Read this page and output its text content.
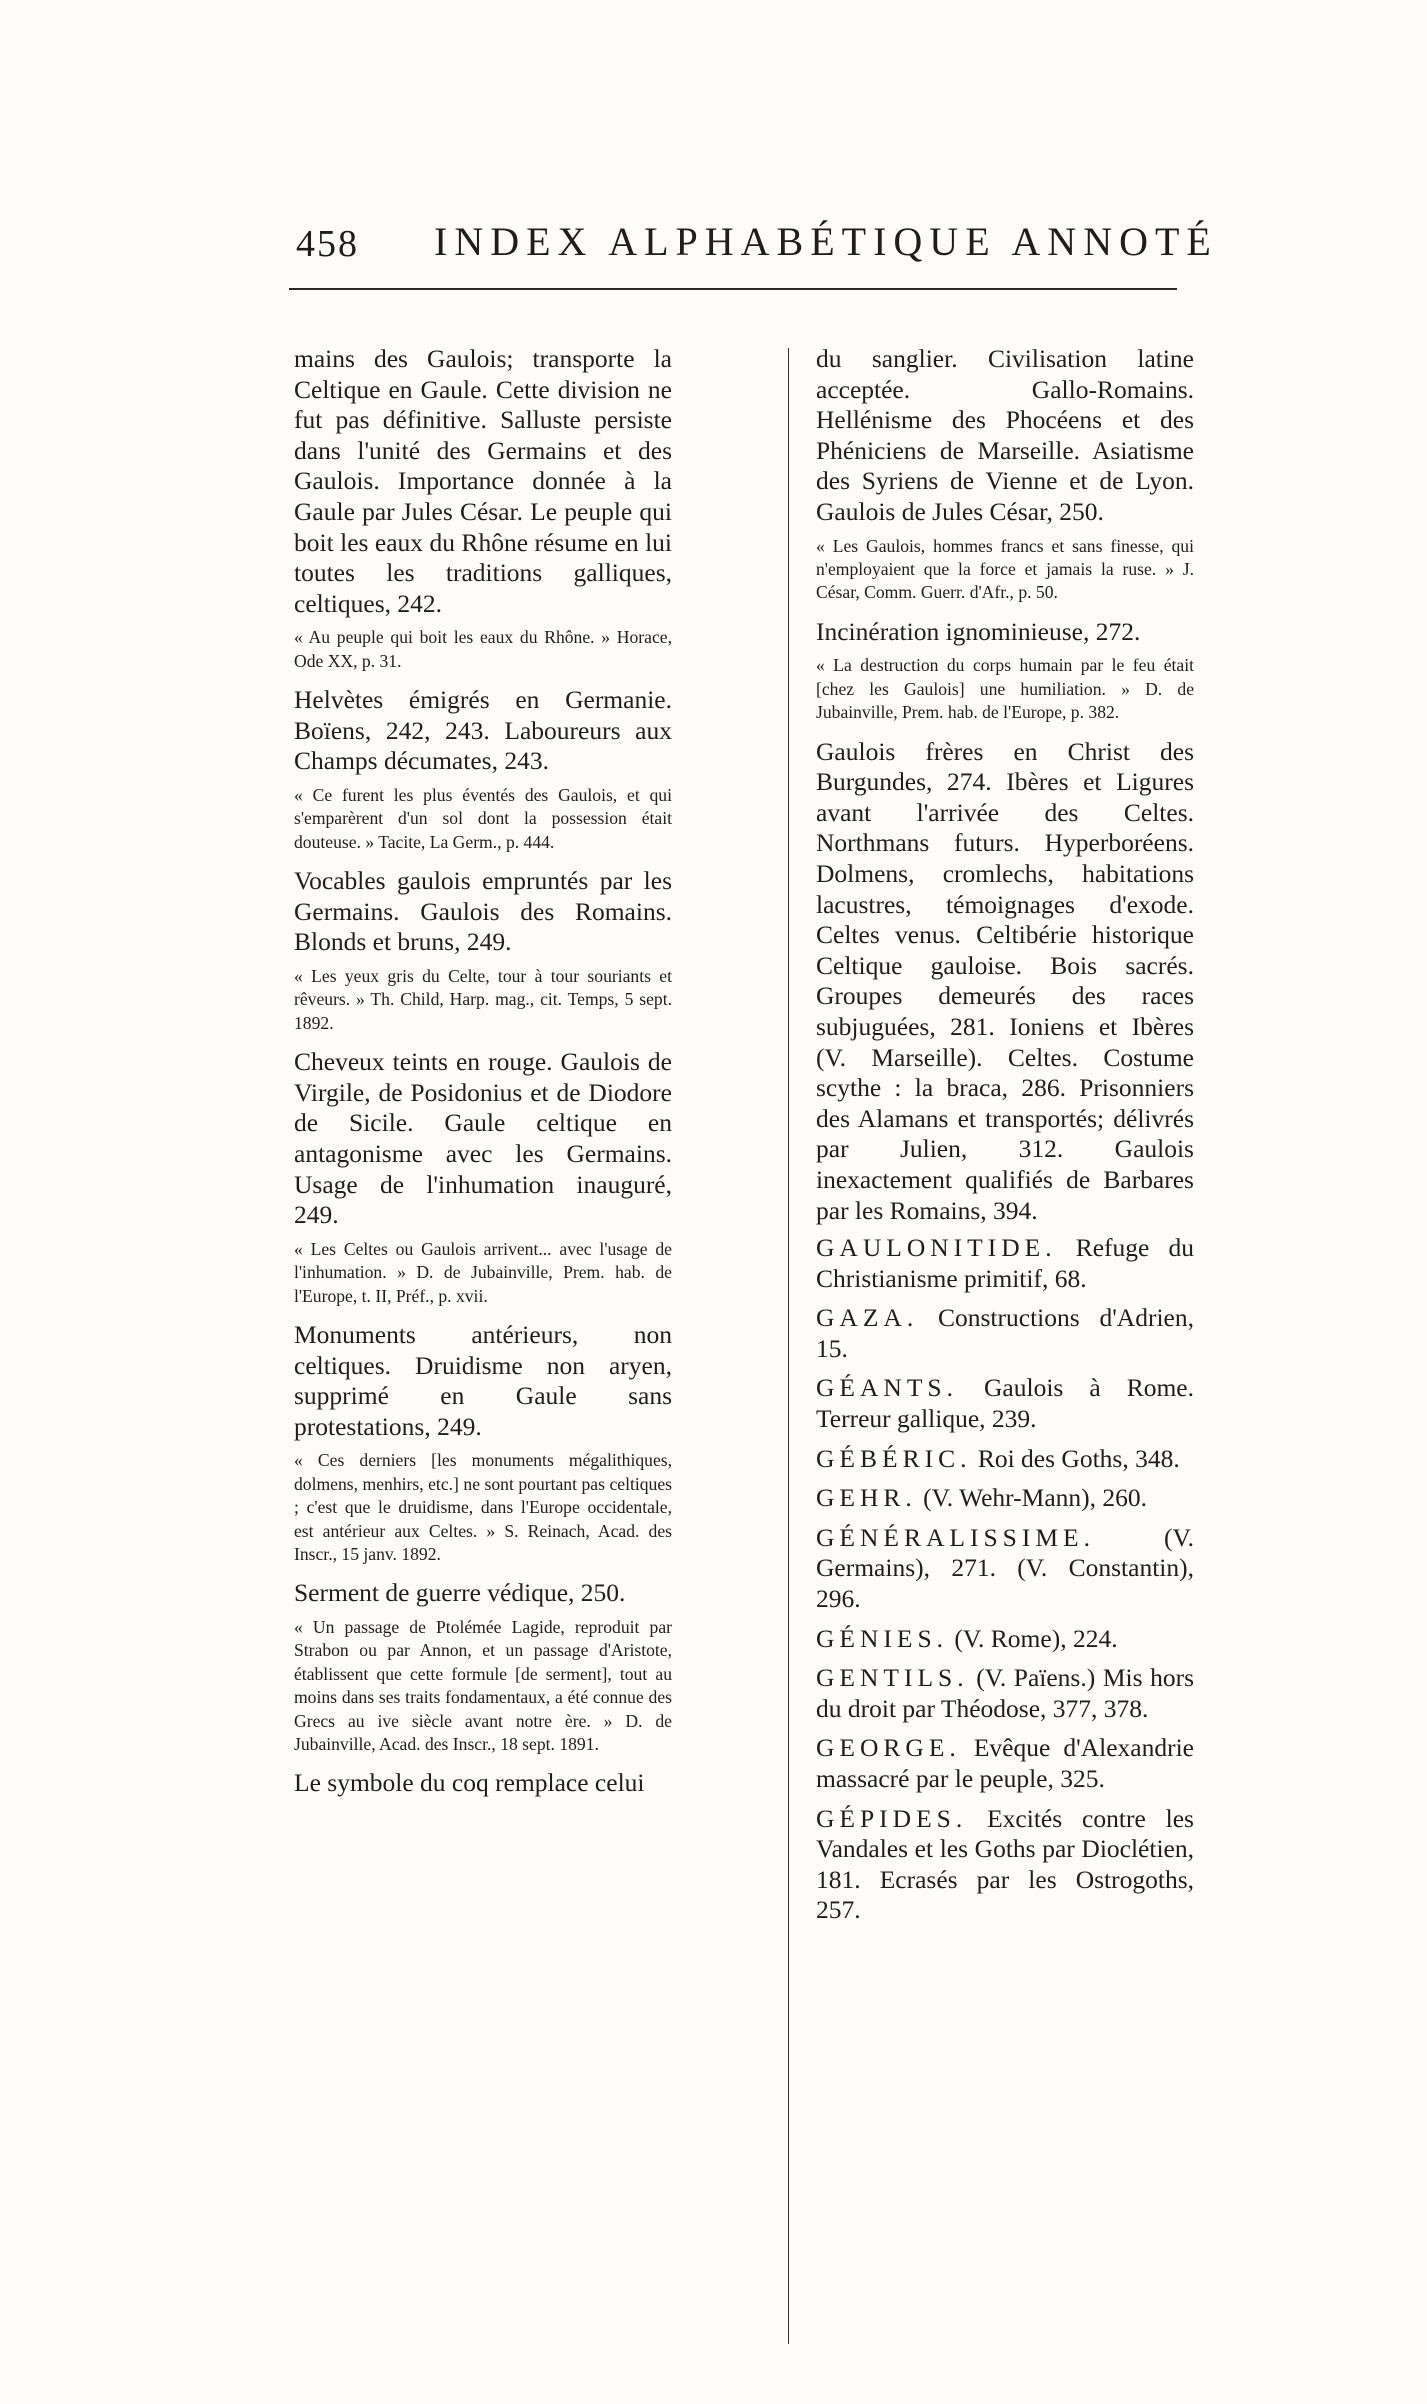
458 INDEX ALPHABÉTIQUE ANNOTÉ

mains des Gaulois; transporte la Celtique en Gaule. Cette division ne fut pas définitive. Salluste persiste dans l'unité des Germains et des Gaulois. Importance donnée à la Gaule par Jules César. Le peuple qui boit les eaux du Rhône résume en lui toutes les traditions galliques, celtiques, 242.

« Au peuple qui boit les eaux du Rhône. » Horace, Ode XX, p. 31.

Helvètes émigrés en Germanie. Boïens, 242, 243. Laboureurs aux Champs décumates, 243.

« Ce furent les plus éventés des Gaulois, et qui s'emparèrent d'un sol dont la possession était douteuse. » Tacite, La Germ., p. 444.

Vocables gaulois empruntés par les Germains. Gaulois des Romains. Blonds et bruns, 249.

« Les yeux gris du Celte, tour à tour souriants et rêveurs. » Th. Child, Harp. mag., cit. Temps, 5 sept. 1892.

Cheveux teints en rouge. Gaulois de Virgile, de Posidonius et de Diodore de Sicile. Gaule celtique en antagonisme avec les Germains. Usage de l'inhumation inauguré, 249.

« Les Celtes ou Gaulois arrivent... avec l'usage de l'inhumation. » D. de Jubainville, Prem. hab. de l'Europe, t. II, Préf., p. xvii.

Monuments antérieurs, non celtiques. Druidisme non aryen, supprimé en Gaule sans protestations, 249.

« Ces derniers [les monuments mégalithiques, dolmens, menhirs, etc.] ne sont pourtant pas celtiques ; c'est que le druidisme, dans l'Europe occidentale, est antérieur aux Celtes. » S. Reinach, Acad. des Inscr., 15 janv. 1892.

Serment de guerre védique, 250.

« Un passage de Ptolémée Lagide, reproduit par Strabon ou par Annon, et un passage d'Aristote, établissent que cette formule [de serment], tout au moins dans ses traits fondamentaux, a été connue des Grecs au ive siècle avant notre ère. » D. de Jubainville, Acad. des Inscr., 18 sept. 1891.

Le symbole du coq remplace celui

du sanglier. Civilisation latine acceptée. Gallo-Romains. Hellénisme des Phocéens et des Phéniciens de Marseille. Asiatisme des Syriens de Vienne et de Lyon. Gaulois de Jules César, 250.

« Les Gaulois, hommes francs et sans finesse, qui n'employaient que la force et jamais la ruse. » J. César, Comm. Guerr. d'Afr., p. 50.

Incinération ignominieuse, 272.

« La destruction du corps humain par le feu était [chez les Gaulois] une humiliation. » D. de Jubainville, Prem. hab. de l'Europe, p. 382.

Gaulois frères en Christ des Burgundes, 274. Ibères et Ligures avant l'arrivée des Celtes. Northmans futurs. Hyperboréens. Dolmens, cromlechs, habitations lacustres, témoignages d'exode. Celtes venus. Celtibérie historique Celtique gauloise. Bois sacrés. Groupes demeurés des races subjuguées, 281. Ioniens et Ibères (V. Marseille). Celtes. Costume scythe : la braca, 286. Prisonniers des Alamans et transportés; délivrés par Julien, 312. Gaulois inexactement qualifiés de Barbares par les Romains, 394.

GAULONITIDE. Refuge du Christianisme primitif, 68.

GAZA. Constructions d'Adrien, 15.

GÉANTS. Gaulois à Rome. Terreur gallique, 239.

GÉBÉRIC. Roi des Goths, 348.

GEHR. (V. Wehr-Mann), 260.

GÉNÉRALISSIME.	(V. Germains), 271. (V. Constantin), 296.

GÉNIES. (V. Rome), 224.

GENTILS. (V. Païens.) Mis hors du droit par Théodose, 377, 378.

GEORGE. Evêque d'Alexandrie massacré par le peuple, 325.

GÉPIDES. Excités contre les Vandales et les Goths par Dioclétien, 181. Ecrasés par les Ostrogoths, 257.
